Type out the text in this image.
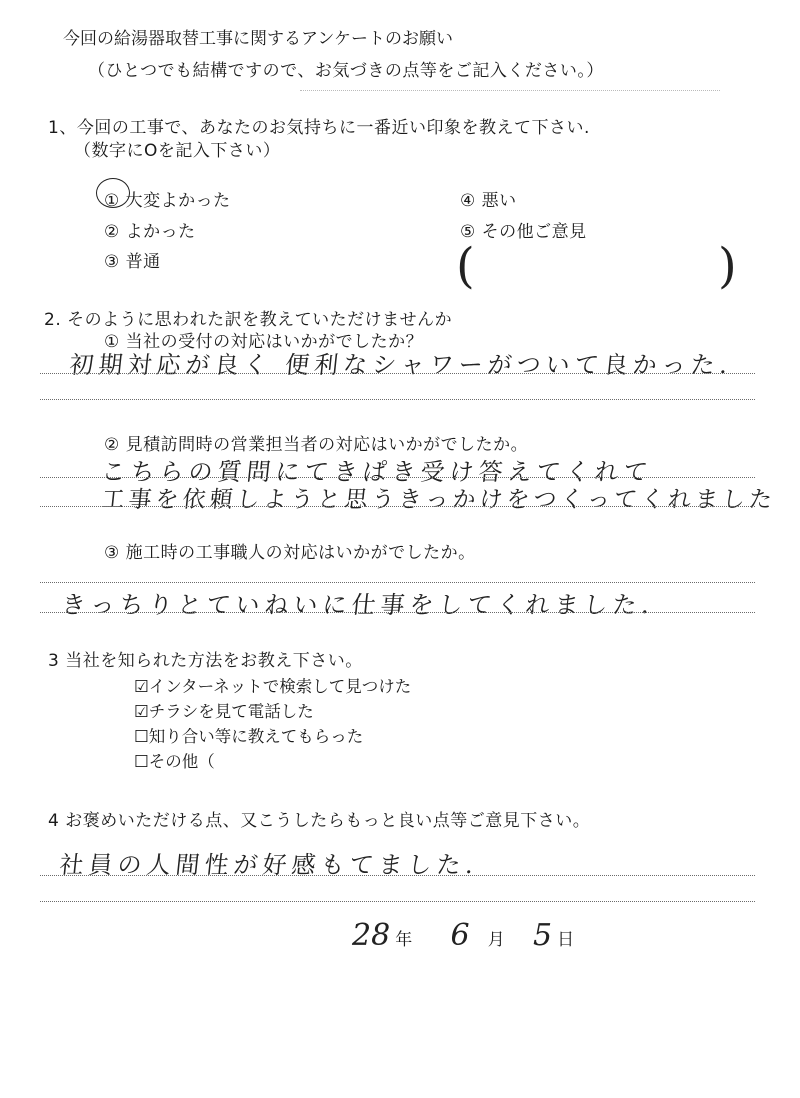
今回の給湯器取替工事に関するアンケートのお願い
（ひとつでも結構ですので、お気づきの点等をご記入ください。）
1、今回の工事で、あなたのお気持ちに一番近い印象を教えて下さい.
（数字にOを記入下さい）
① 大変よかった
② よかった
③ 普通
④ 悪い
⑤ その他ご意見
(	)
2. そのように思われた訳を教えていただけませんか
① 当社の受付の対応はいかがでしたか？
初期対応が良く 便利なシャワーがついて良かった.
② 見積訪問時の営業担当者の対応はいかがでしたか。
こちらの質問にてきぱき受け答えてくれて
工事を依頼しようと思うきっかけをつくってくれました
③ 施工時の工事職人の対応はいかがでしたか。
きっちりとていねいに仕事をしてくれました.
3 当社を知られた方法をお教え下さい。
☑インターネットで検索して見つけた
☑チラシを見て電話した
☐知り合い等に教えてもらった
☐その他（
4 お褒めいただける点、又こうしたらもっと良い点等ご意見下さい。
社員の人間性が好感もてました.
28 年 6 月 5 日
